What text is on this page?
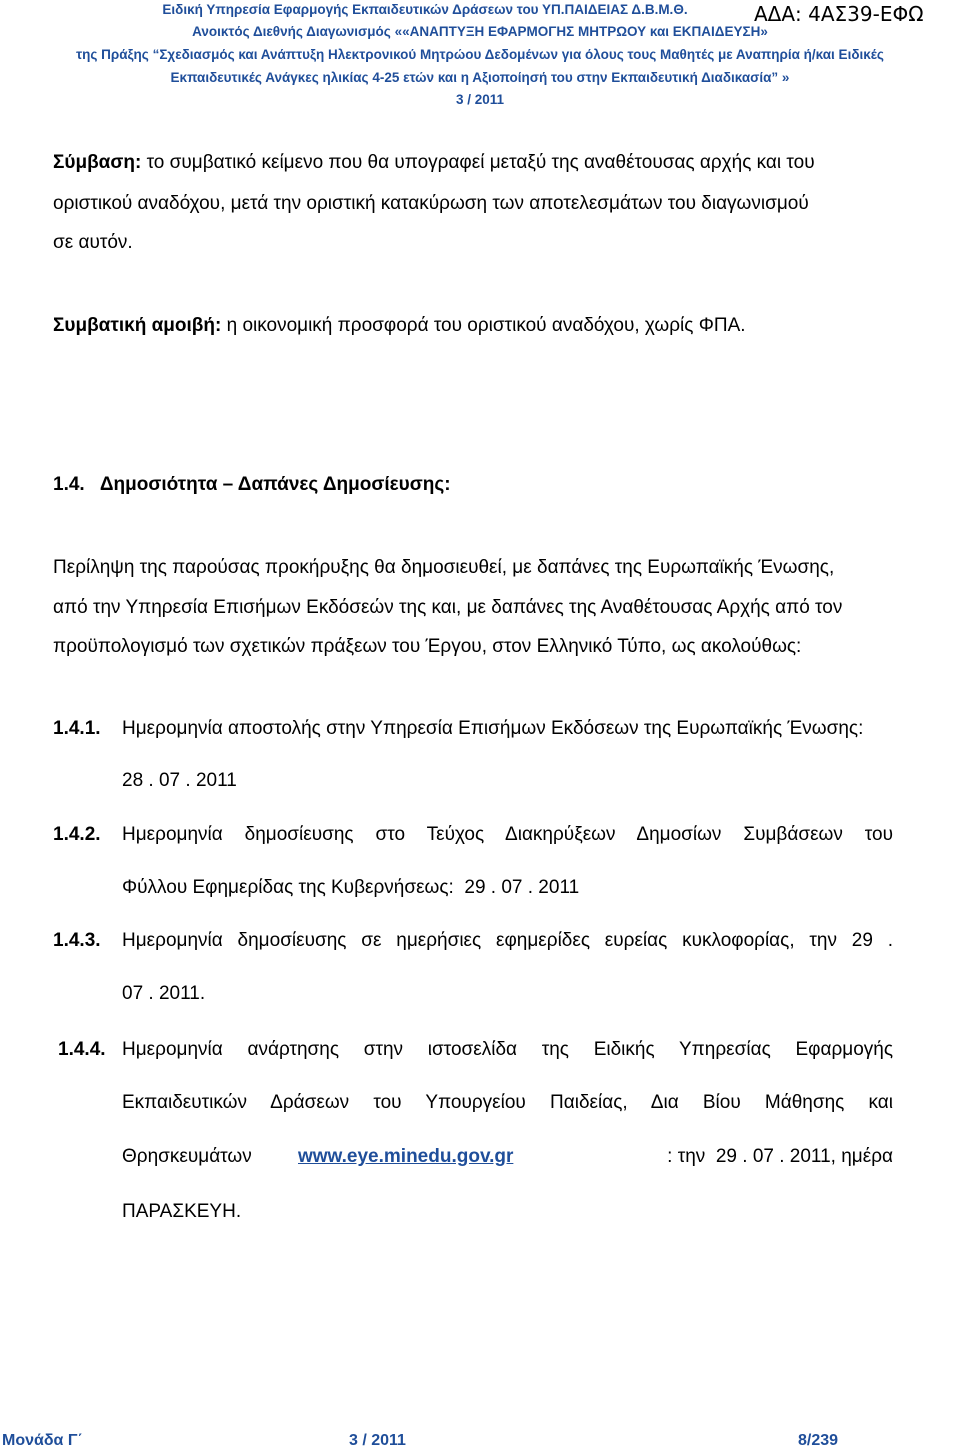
Ειδική Υπηρεσία Εφαρμογής Εκπαιδευτικών Δράσεων του ΥΠ.ΠΑΙΔΕΙΑΣ Δ.Β.Μ.Θ.	ΑΔΑ: 4ΑΣ39-ΕΦΩ
Ανοικτός Διεθνής Διαγωνισμός ««ΑΝΑΠΤΥΞΗ ΕΦΑΡΜΟΓΗΣ ΜΗΤΡΩΟΥ και ΕΚΠΑΙΔΕΥΣΗ»
της Πράξης “Σχεδιασμός και Ανάπτυξη Ηλεκτρονικού Μητρώου Δεδομένων για όλους τους Μαθητές με Αναπηρία ή/και Ειδικές
Εκπαιδευτικές Ανάγκες ηλικίας 4-25 ετών και η Αξιοποίησή του στην Εκπαιδευτική Διαδικασία” »
3 / 2011
Σύμβαση: το συμβατικό κείμενο που θα υπογραφεί μεταξύ της αναθέτουσας αρχής και του
οριστικού αναδόχου, μετά την οριστική κατακύρωση των αποτελεσμάτων του διαγωνισμού
σε αυτόν.
Συμβατική αμοιβή: η οικονομική προσφορά του οριστικού αναδόχου, χωρίς ΦΠΑ.
1.4.   Δημοσιότητα – Δαπάνες Δημοσίευσης:
Περίληψη της παρούσας προκήρυξης θα δημοσιευθεί, με δαπάνες της Ευρωπαϊκής Ένωσης,
από την Υπηρεσία Επισήμων Εκδόσεών της και, με δαπάνες της Αναθέτουσας Αρχής από τον
προϋπολογισμό των σχετικών πράξεων του Έργου, στον Ελληνικό Τύπο, ως ακολούθως:
1.4.1. Ημερομηνία αποστολής στην Υπηρεσία Επισήμων Εκδόσεων της Ευρωπαϊκής Ένωσης:
28 . 07 . 2011
1.4.2. Ημερομηνία δημοσίευσης στο Τεύχος Διακηρύξεων Δημοσίων Συμβάσεων του
Φύλλου Εφημερίδας της Κυβερνήσεως:  29 . 07 . 2011
1.4.3. Ημερομηνία δημοσίευσης σε ημερήσιες εφημερίδες ευρείας κυκλοφορίας, την 29 .
07 . 2011.
1.4.4. Ημερομηνία ανάρτησης στην ιστοσελίδα της Ειδικής Υπηρεσίας Εφαρμογής
Εκπαιδευτικών Δράσεων του Υπουργείου Παιδείας, Δια Βίου Μάθησης και
Θρησκευμάτων www.eye.minedu.gov.gr	: την  29 . 07 . 2011, ημέρα
ΠΑΡΑΣΚΕΥΗ.
Μονάδα Γ΄	3 / 2011	8/239
